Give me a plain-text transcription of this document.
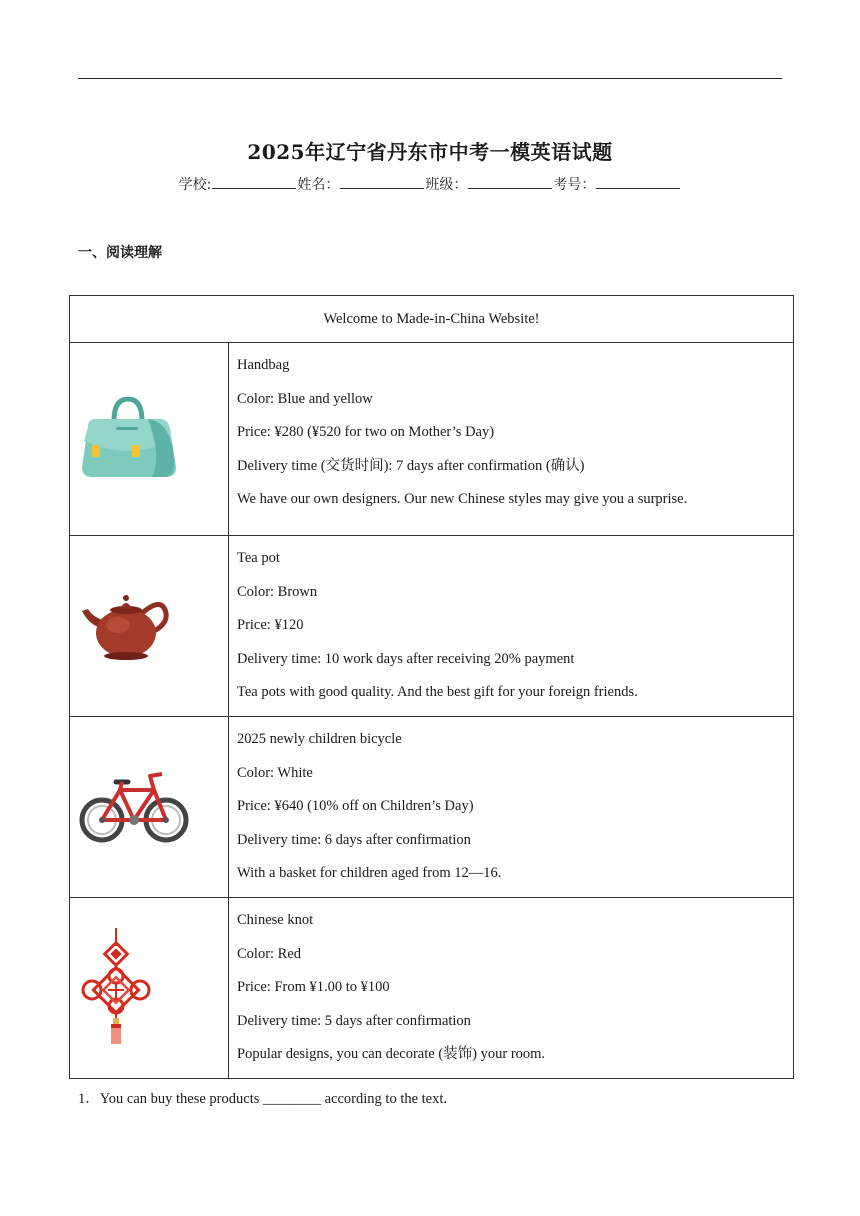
2025年辽宁省丹东市中考一模英语试题
学校:	姓名：	班级：	考号：
一、阅读理解
Welcome to Made-in-China Website!	

Handbag

Color: Blue and yellow

Price: ¥280 (¥520 for two on Mother’s Day)

Delivery time (交货时间): 7 days after confirmation (确认)

We have our own designers. Our new Chinese styles may give you a surprise.

Tea pot

Color: Brown

Price: ¥120

Delivery time: 10 work days after receiving 20% payment

Tea pots with good quality. And the best gift for your foreign friends.

2025 newly children bicycle

Color: White

Price: ¥640 (10% off on Children’s Day)

Delivery time: 6 days after confirmation

With a basket for children aged from 12—16.

Chinese knot

Color: Red

Price: From ¥1.00 to ¥100

Delivery time: 5 days after confirmation

Popular designs, you can decorate (装饰) your room.

1．You can buy these products ________ according to the text.
